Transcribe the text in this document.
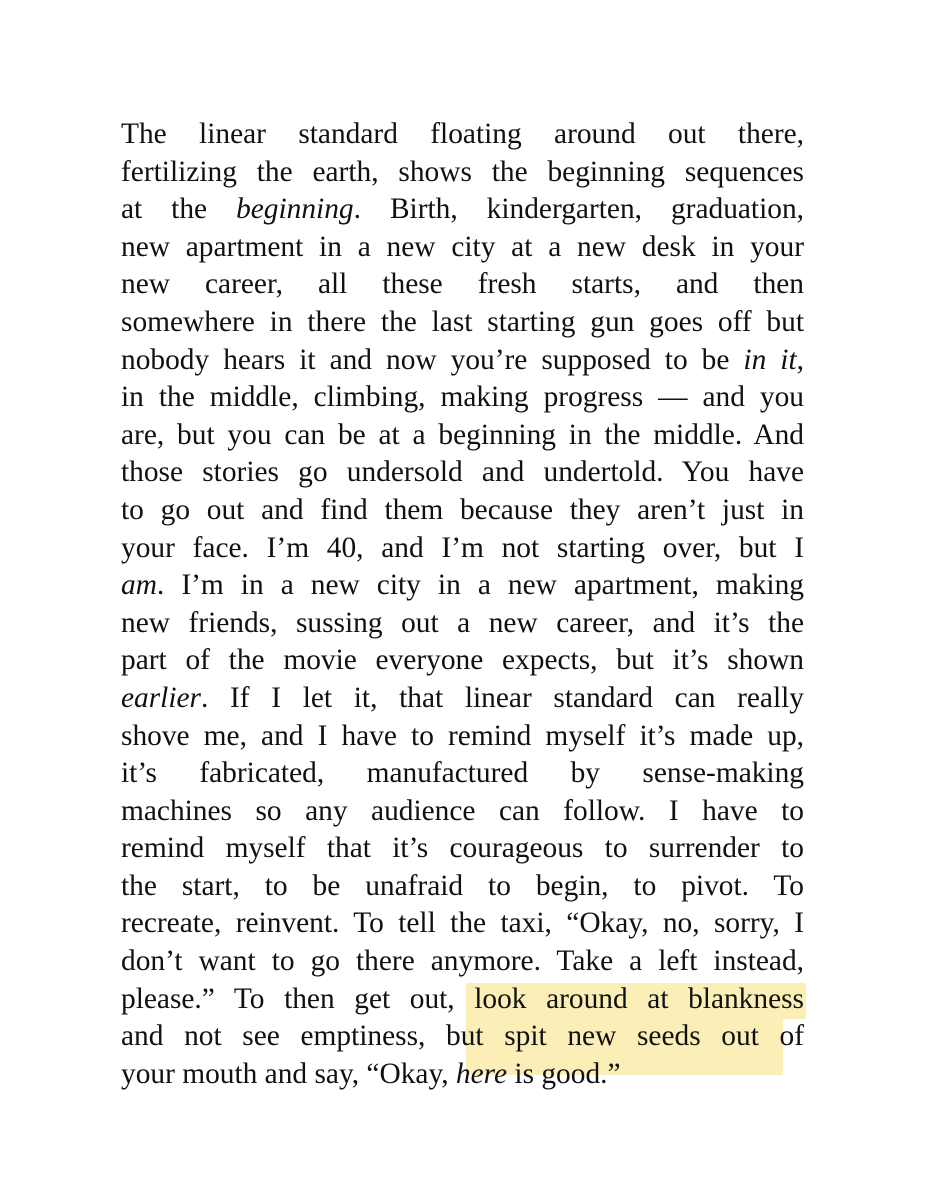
The linear standard floating around out there,
fertilizing the earth, shows the beginning sequences
at the beginning. Birth, kindergarten, graduation,
new apartment in a new city at a new desk in your
new career, all these fresh starts, and then
somewhere in there the last starting gun goes off but
nobody hears it and now you’re supposed to be in it,
in the middle, climbing, making progress — and you
are, but you can be at a beginning in the middle. And
those stories go undersold and undertold. You have
to go out and find them because they aren’t just in
your face. I’m 40, and I’m not starting over, but I
am. I’m in a new city in a new apartment, making
new friends, sussing out a new career, and it’s the
part of the movie everyone expects, but it’s shown
earlier. If I let it, that linear standard can really
shove me, and I have to remind myself it’s made up,
it’s fabricated, manufactured by sense-making
machines so any audience can follow. I have to
remind myself that it’s courageous to surrender to
the start, to be unafraid to begin, to pivot. To
recreate, reinvent. To tell the taxi, “Okay, no, sorry, I
don’t want to go there anymore. Take a left instead,
please.” To then get out, look around at blankness
and not see emptiness, but spit new seeds out of
your mouth and say, “Okay, here is good.”
